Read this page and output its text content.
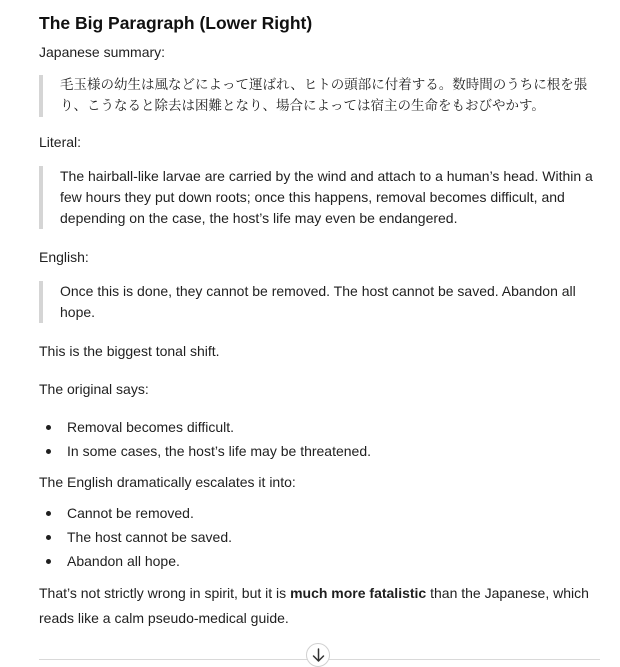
The Big Paragraph (Lower Right)

Japanese summary:

毛玉様の幼生は風などによって運ばれ、ヒトの頭部に付着する。数時間のうちに根を張り、こうなると除去は困難となり、場合によっては宿主の生命をもおびやかす。

Literal:

The hairball-like larvae are carried by the wind and attach to a human’s head. Within a few hours they put down roots; once this happens, removal becomes difficult, and depending on the case, the host’s life may even be endangered.

English:

Once this is done, they cannot be removed. The host cannot be saved. Abandon all hope.

This is the biggest tonal shift.

The original says:

Removal becomes difficult.
In some cases, the host’s life may be threatened.

The English dramatically escalates it into:

Cannot be removed.
The host cannot be saved.
Abandon all hope.

That’s not strictly wrong in spirit, but it is much more fatalistic than the Japanese, which reads like a calm pseudo-medical guide.
